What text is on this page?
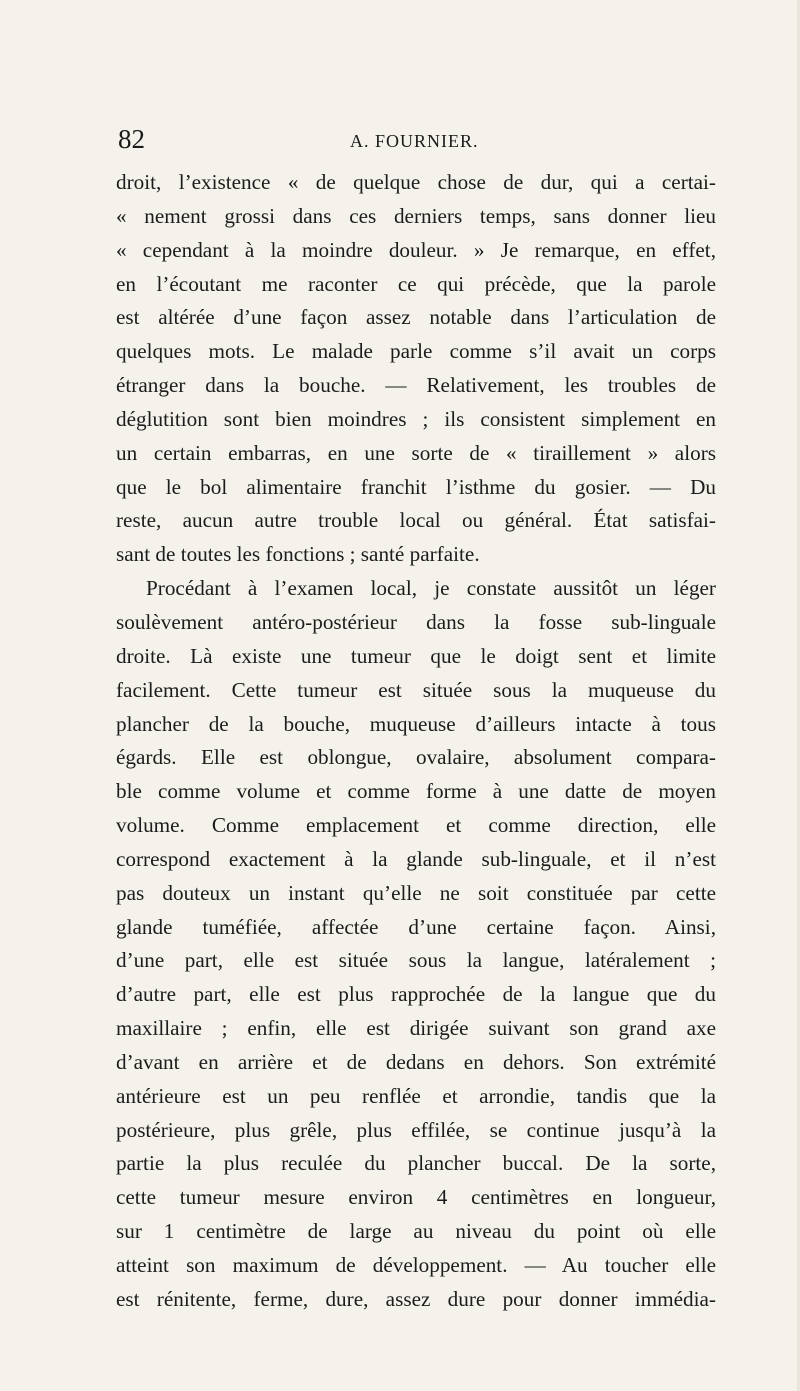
82	A. FOURNIER.
droit, l’existence « de quelque chose de dur, qui a certai-
« nement grossi dans ces derniers temps, sans donner lieu
« cependant à la moindre douleur. » Je remarque, en effet,
en l’écoutant me raconter ce qui précède, que la parole
est altérée d’une façon assez notable dans l’articulation de
quelques mots. Le malade parle comme s’il avait un corps
étranger dans la bouche. — Relativement, les troubles de
déglutition sont bien moindres ; ils consistent simplement en
un certain embarras, en une sorte de « tiraillement » alors
que le bol alimentaire franchit l’isthme du gosier. — Du
reste, aucun autre trouble local ou général. État satisfai-
sant de toutes les fonctions ; santé parfaite.
Procédant à l’examen local, je constate aussitôt un léger
soulèvement antéro-postérieur dans la fosse sub-linguale
droite. Là existe une tumeur que le doigt sent et limite
facilement. Cette tumeur est située sous la muqueuse du
plancher de la bouche, muqueuse d’ailleurs intacte à tous
égards. Elle est oblongue, ovalaire, absolument compara-
ble comme volume et comme forme à une datte de moyen
volume. Comme emplacement et comme direction, elle
correspond exactement à la glande sub-linguale, et il n’est
pas douteux un instant qu’elle ne soit constituée par cette
glande tuméfiée, affectée d’une certaine façon. Ainsi,
d’une part, elle est située sous la langue, latéralement ;
d’autre part, elle est plus rapprochée de la langue que du
maxillaire ; enfin, elle est dirigée suivant son grand axe
d’avant en arrière et de dedans en dehors. Son extrémité
antérieure est un peu renflée et arrondie, tandis que la
postérieure, plus grêle, plus effilée, se continue jusqu’à la
partie la plus reculée du plancher buccal. De la sorte,
cette tumeur mesure environ 4 centimètres en longueur,
sur 1 centimètre de large au niveau du point où elle
atteint son maximum de développement. — Au toucher elle
est rénitente, ferme, dure, assez dure pour donner immédia-
